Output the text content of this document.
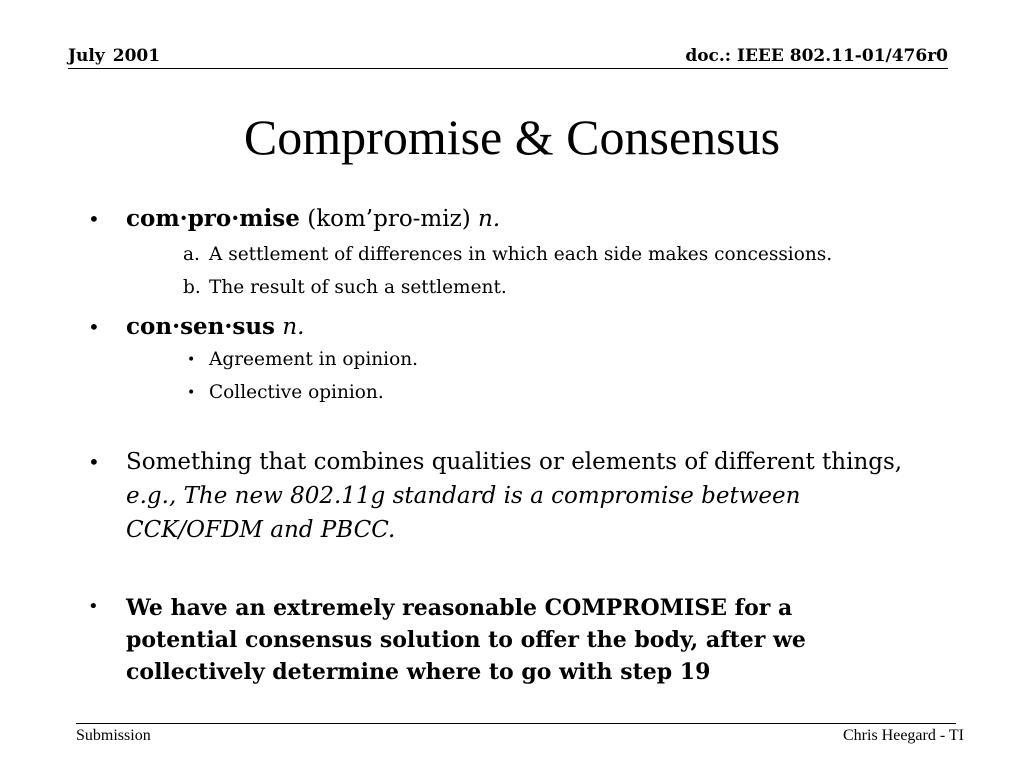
July 2001	doc.: IEEE 802.11-01/476r0
Compromise & Consensus
• com·pro·mise (kom’pro-miz) n.
a. A settlement of differences in which each side makes concessions.
b. The result of such a settlement.
• con·sen·sus n.
• Agreement in opinion.
• Collective opinion.
• Something that combines qualities or elements of different things, e.g., The new 802.11g standard is a compromise between CCK/OFDM and PBCC.
• We have an extremely reasonable COMPROMISE for a potential consensus solution to offer the body, after we collectively determine where to go with step 19
Submission	Chris Heegard - TI
